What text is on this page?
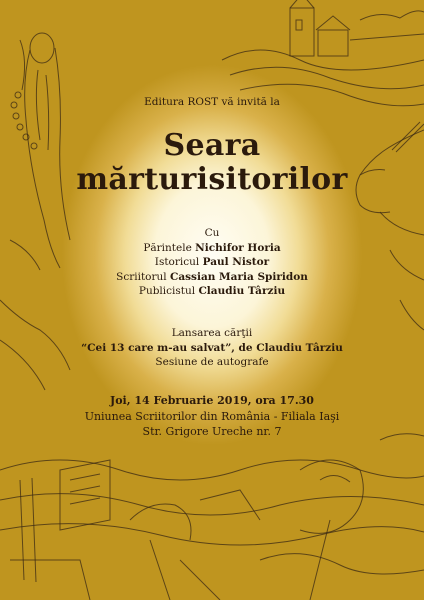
Editura ROST vă invită la
Seara
mărturisitorilor
Cu
Părintele Nichifor Horia
Istoricul Paul Nistor
Scriitorul Cassian Maria Spiridon
Publicistul Claudiu Târziu
Lansarea cărţii
“Cei 13 care m-au salvat”, de Claudiu Târziu
Sesiune de autografe
Joi, 14 Februarie 2019, ora 17.30
Uniunea Scriitorilor din România - Filiala Iaşi
Str. Grigore Ureche nr. 7
